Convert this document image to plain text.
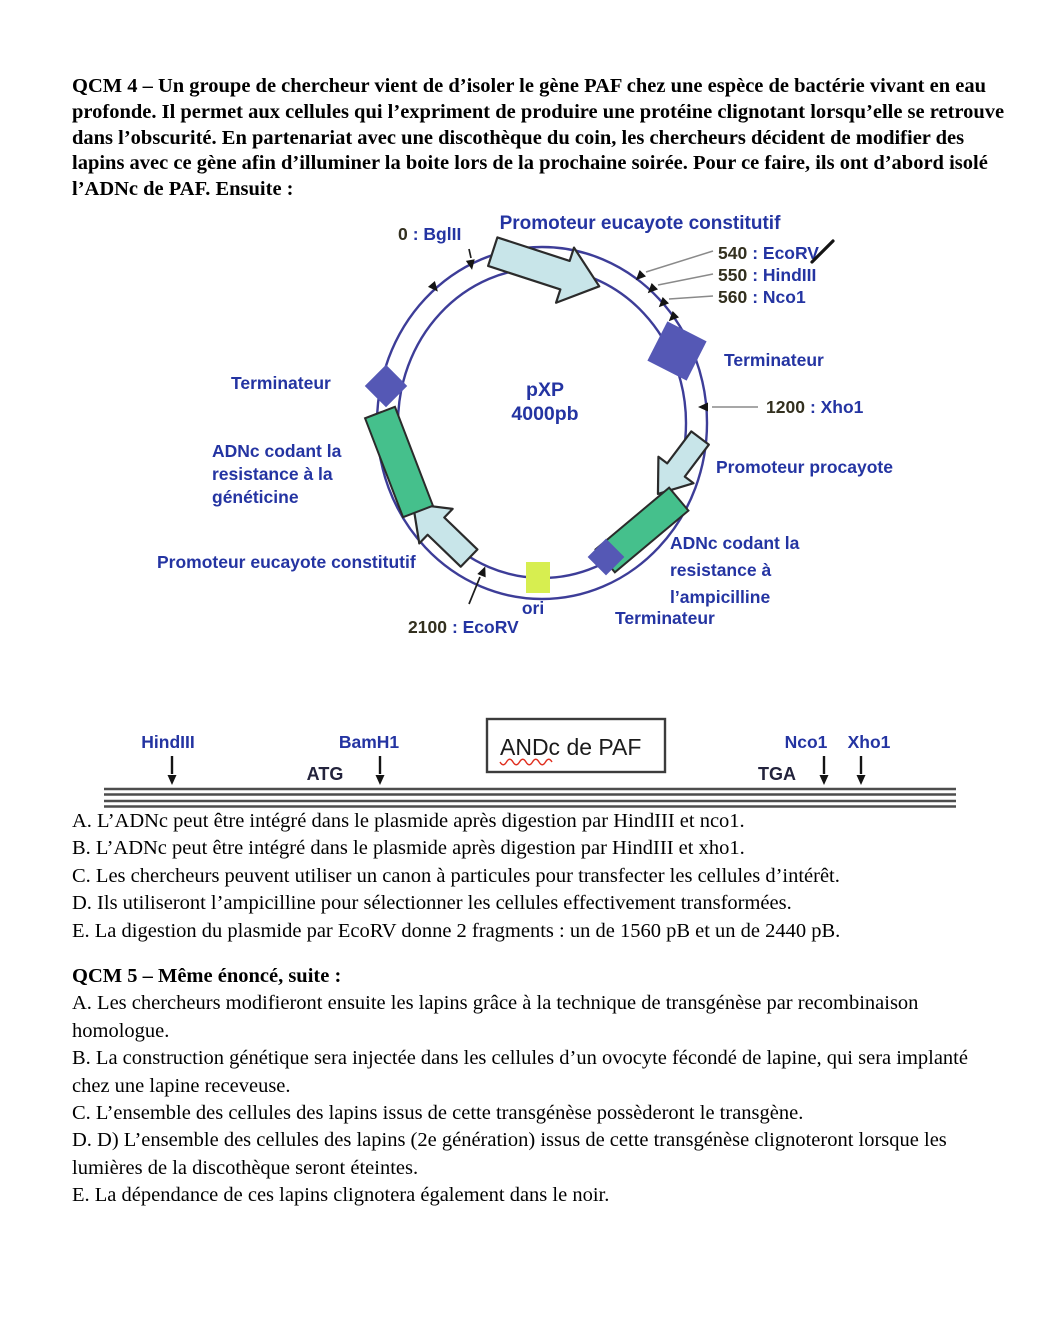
QCM 4 – Un groupe de chercheur vient de d’isoler le gène PAF chez une espèce de bactérie vivant en eau profonde. Il permet aux cellules qui l’expriment de produire une protéine clignotant lorsqu’elle se retrouve dans l’obscurité. En partenariat avec une discothèque du coin, les chercheurs décident de modifier des lapins avec ce gène afin d’illuminer la boite lors de la prochaine soirée. Pour ce faire, ils ont d’abord isolé l’ADNc de PAF. Ensuite :

Promoteur eucayote constitutif
0 : BglII
540 : EcoRV
550 : HindIII
560 : Nco1
Terminateur
1200 : Xho1
Promoteur procayote
ADNc codant la
resistance à
l’ampicilline
Terminateur
ori
2100 : EcoRV
Terminateur
ADNc codant la
resistance à la
généticine
Promoteur eucayote constitutif
pXP
4000pb
HindIII	BamH1	Nco1 Xho1
ATG	TGA
ANDc de PAF

A. L’ADNc peut être intégré dans le plasmide après digestion par HindIII et nco1.

B. L’ADNc peut être intégré dans le plasmide après digestion par HindIII et xho1.

C. Les chercheurs peuvent utiliser un canon à particules pour transfecter les cellules d’intérêt.

D. Ils utiliseront l’ampicilline pour sélectionner les cellules effectivement transformées.

E. La digestion du plasmide par EcoRV donne 2 fragments : un de 1560 pB et un de 2440 pB.

QCM 5 – Même énoncé, suite :

A. Les chercheurs modifieront ensuite les lapins grâce à la technique de transgénèse par recombinaison homologue.

B. La construction génétique sera injectée dans les cellules d’un ovocyte fécondé de lapine, qui sera implanté chez une lapine receveuse.

C. L’ensemble des cellules des lapins issus de cette transgénèse possèderont le transgène.

D. D) L’ensemble des cellules des lapins (2e génération) issus de cette transgénèse clignoteront lorsque les lumières de la discothèque seront éteintes.

E. La dépendance de ces lapins clignotera également dans le noir.
